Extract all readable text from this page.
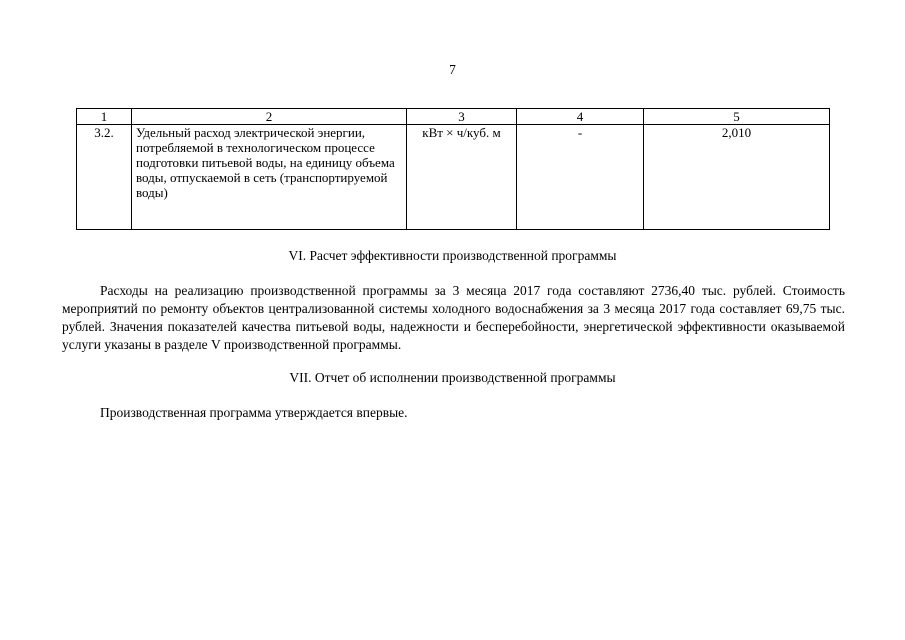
7
1	2	3	4	5
3.2.	Удельный расход электрической энергии, потребляемой в технологическом процессе подготовки питьевой воды, на единицу объема воды, отпускаемой в сеть (транспортируемой воды)	кВт × ч/куб. м	-	2,010
VI. Расчет эффективности производственной программы
Расходы на реализацию производственной программы за 3 месяца 2017 года составляют 2736,40 тыс. рублей. Стоимость мероприятий по ремонту объектов централизованной системы холодного водоснабжения за 3 месяца 2017 года составляет 69,75 тыс. рублей. Значения показателей качества питьевой воды, надежности и бесперебойности, энергетической эффективности оказываемой услуги указаны в разделе V производственной программы.
VII. Отчет об исполнении производственной программы
Производственная программа утверждается впервые.
